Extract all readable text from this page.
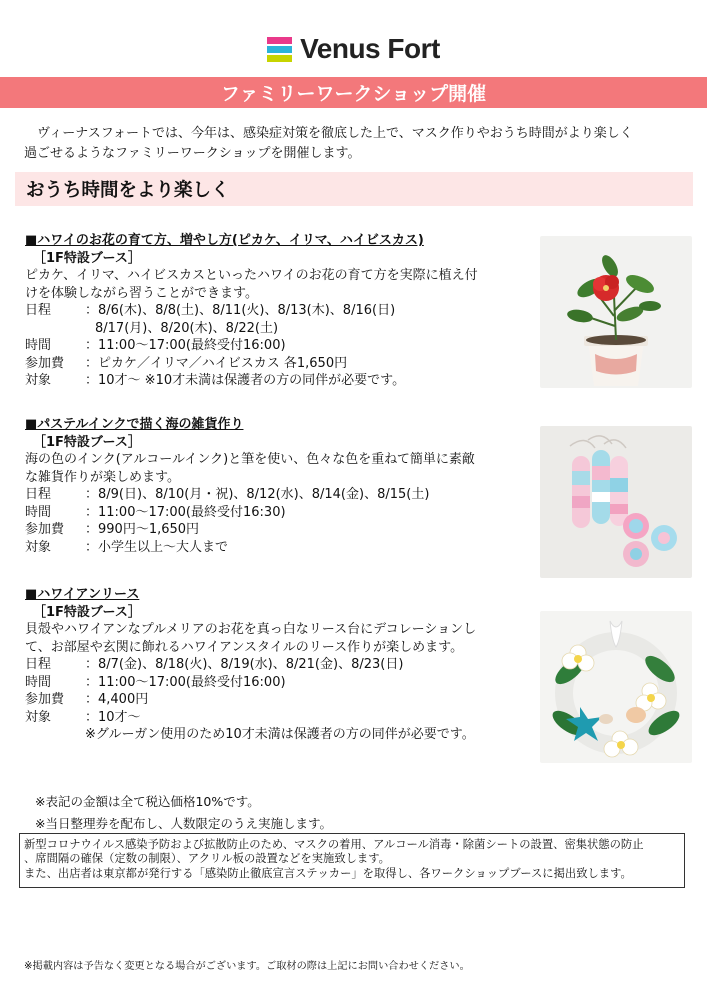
Venus Fort
ファミリーワークショップ開催

　ヴィーナスフォートでは、今年は、感染症対策を徹底した上で、マスク作りやおうち時間がより楽しく
過ごせるようなファミリーワークショップを開催します。

おうち時間をより楽しく
■ハワイのお花の育て方、増やし方(ピカケ、イリマ、ハイビスカス)
［1F特設ブース］
ピカケ、イリマ、ハイビスカスといったハワイのお花の育て方を実際に植え付
けを体験しながら習うことができます。
日程	：8/6(木)、8/8(土)、8/11(火)、8/13(木)、8/16(日)
8/17(月)、8/20(木)、8/22(土)
時間	：11:00～17:00(最終受付16:00)
参加費	：ピカケ／イリマ／ハイビスカス 各1,650円
対象	：10才～ ※10才未満は保護者の方の同伴が必要です。
■パステルインクで描く海の雑貨作り
［1F特設ブース］
海の色のインク(アルコールインク)と筆を使い、色々な色を重ねて簡単に素敵
な雑貨作りが楽しめます。
日程	：8/9(日)、8/10(月・祝)、8/12(水)、8/14(金)、8/15(土)
時間	：11:00～17:00(最終受付16:30)
参加費	：990円～1,650円
対象	：小学生以上～大人まで
■ハワイアンリース
［1F特設ブース］
貝殻やハワイアンなプルメリアのお花を真っ白なリース台にデコレーションし
て、お部屋や玄関に飾れるハワイアンスタイルのリース作りが楽しめます。
日程	：8/7(金)、8/18(火)、8/19(水)、8/21(金)、8/23(日)
時間	：11:00～17:00(最終受付16:00)
参加費	：4,400円
対象	：10才～
※グルーガン使用のため10才未満は保護者の方の同伴が必要です。
※表記の金額は全て税込価格10%です。
※当日整理券を配布し、人数限定のうえ実施します。
新型コロナウイルス感染予防および拡散防止のため、マスクの着用、アルコール消毒・除菌シートの設置、密集状態の防止
、席間隔の確保（定数の制限）、アクリル板の設置などを実施致します。
また、出店者は東京都が発行する「感染防止徹底宣言ステッカー」を取得し、各ワークショップブースに掲出致します。
※掲載内容は予告なく変更となる場合がございます。ご取材の際は上記にお問い合わせください。
